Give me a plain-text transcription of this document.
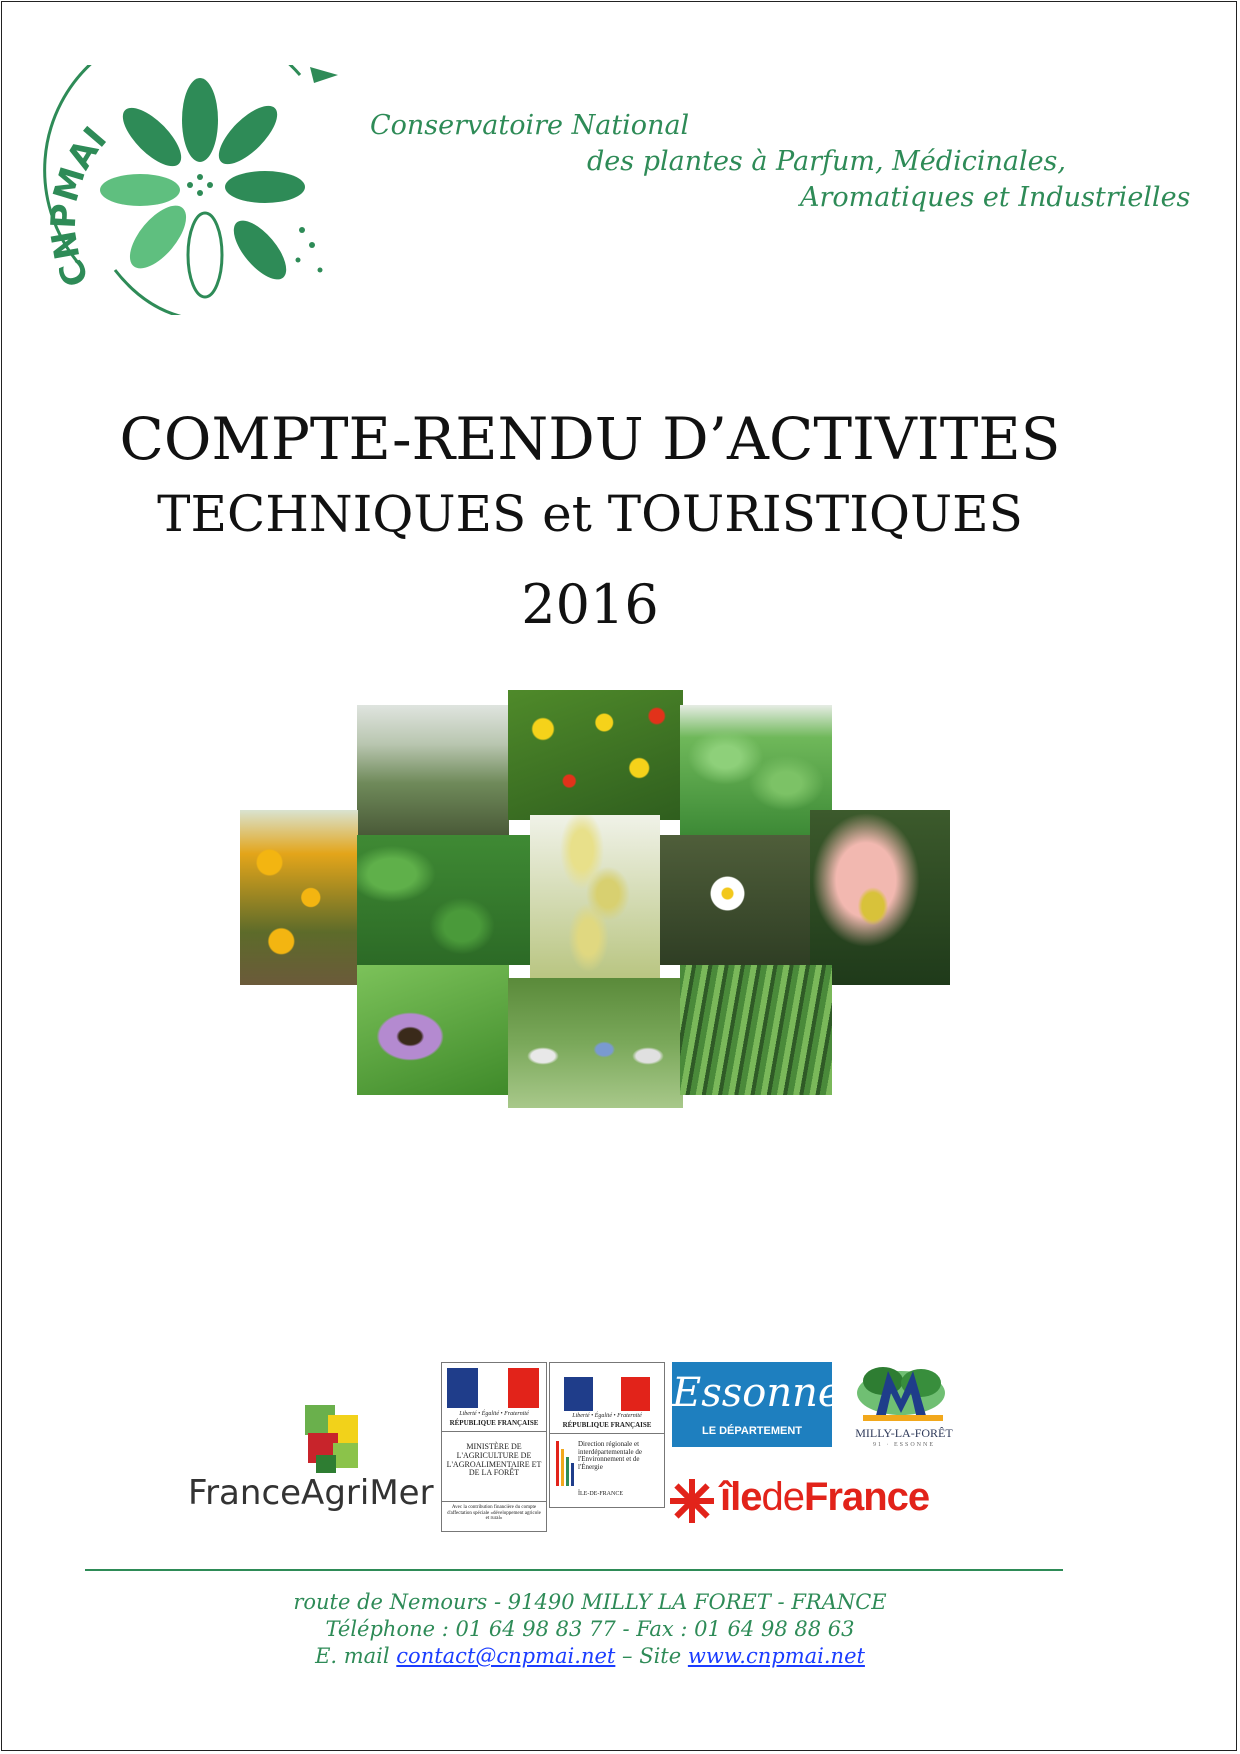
CNPMAI	Conservatoire National
des plantes à Parfum, Médicinales,
Aromatiques et Industrielles
COMPTE-RENDU D’ACTIVITES
TECHNIQUES et TOURISTIQUES
2016
FranceAgriMer
Liberté • Égalité • Fraternité
RÉPUBLIQUE FRANÇAISE
MINISTÈRE DE L'AGRICULTURE DE L'AGROALIMENTAIRE ET DE LA FORÊT
Avec la contribution financière du compte d'affectation spéciale «développement agricole et rural»
Liberté • Égalité • Fraternité
RÉPUBLIQUE FRANÇAISE
Direction régionale et interdépartementale de l'Environnement et de l'Énergie
ÎLE-DE-FRANCE
Essonne
LE DÉPARTEMENT	MILLY-LA-FORÊT
91 · ESSONNE
îledeFrance
route de Nemours - 91490 MILLY LA FORET - FRANCE
Téléphone : 01 64 98 83 77 - Fax : 01 64 98 88 63
E. mail contact@cnpmai.net – Site www.cnpmai.net
